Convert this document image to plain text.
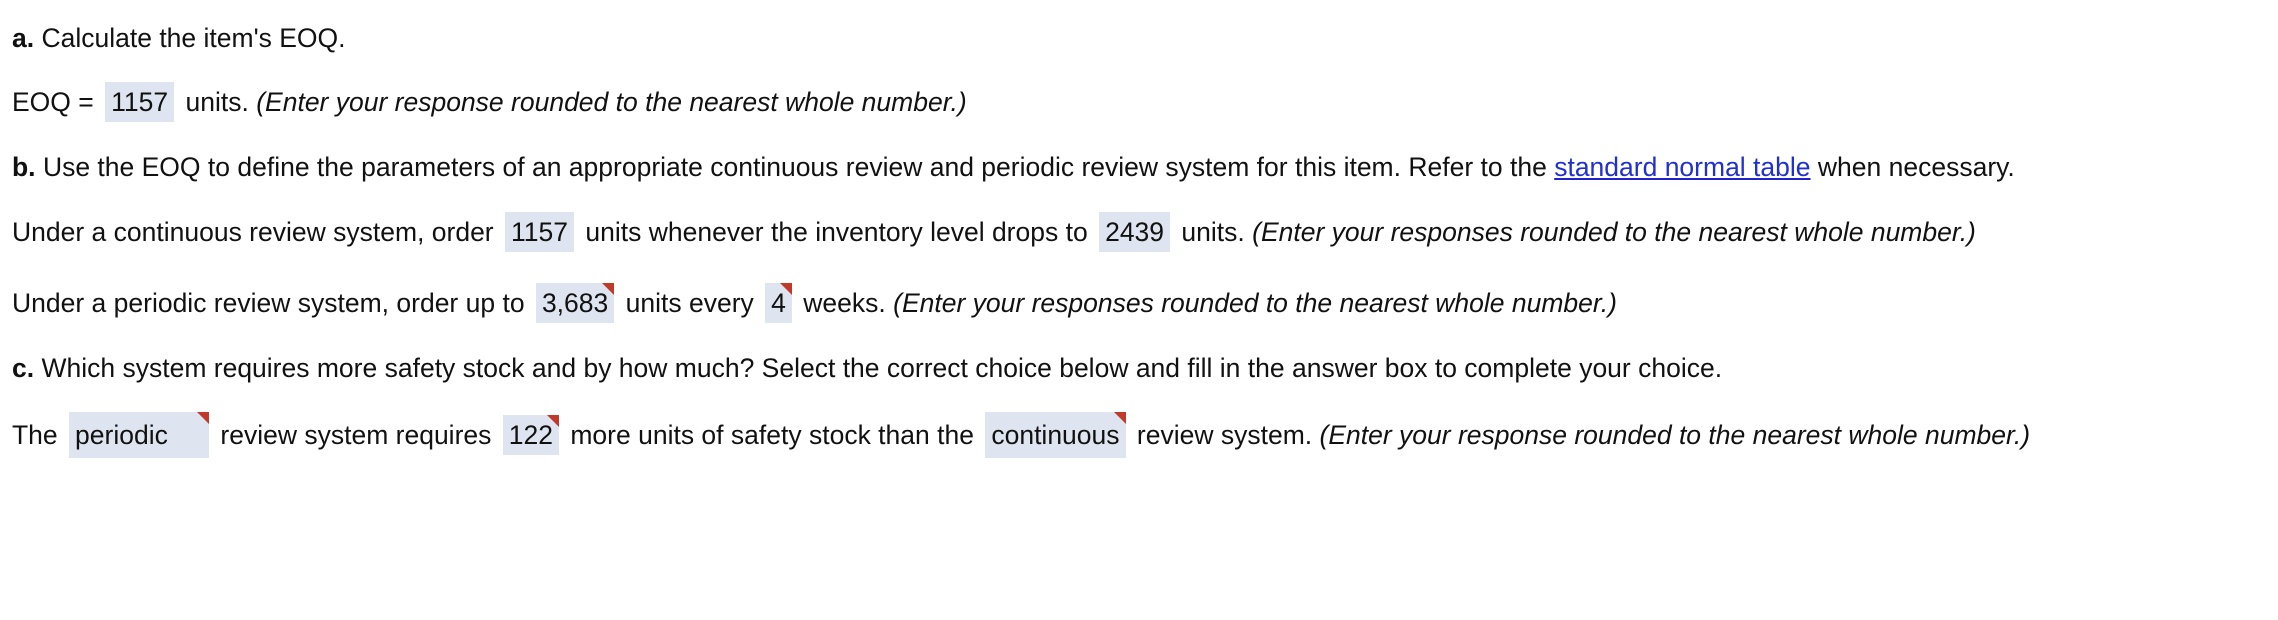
a. Calculate the item's EOQ.
EOQ = 1157 units. (Enter your response rounded to the nearest whole number.)
b. Use the EOQ to define the parameters of an appropriate continuous review and periodic review system for this item. Refer to the standard normal table when necessary.
Under a continuous review system, order 1157 units whenever the inventory level drops to 2439 units. (Enter your responses rounded to the nearest whole number.)
Under a periodic review system, order up to 3,683 units every 4 weeks. (Enter your responses rounded to the nearest whole number.)
c. Which system requires more safety stock and by how much? Select the correct choice below and fill in the answer box to complete your choice.
The periodic review system requires 122 more units of safety stock than the continuous review system. (Enter your response rounded to the nearest whole number.)
